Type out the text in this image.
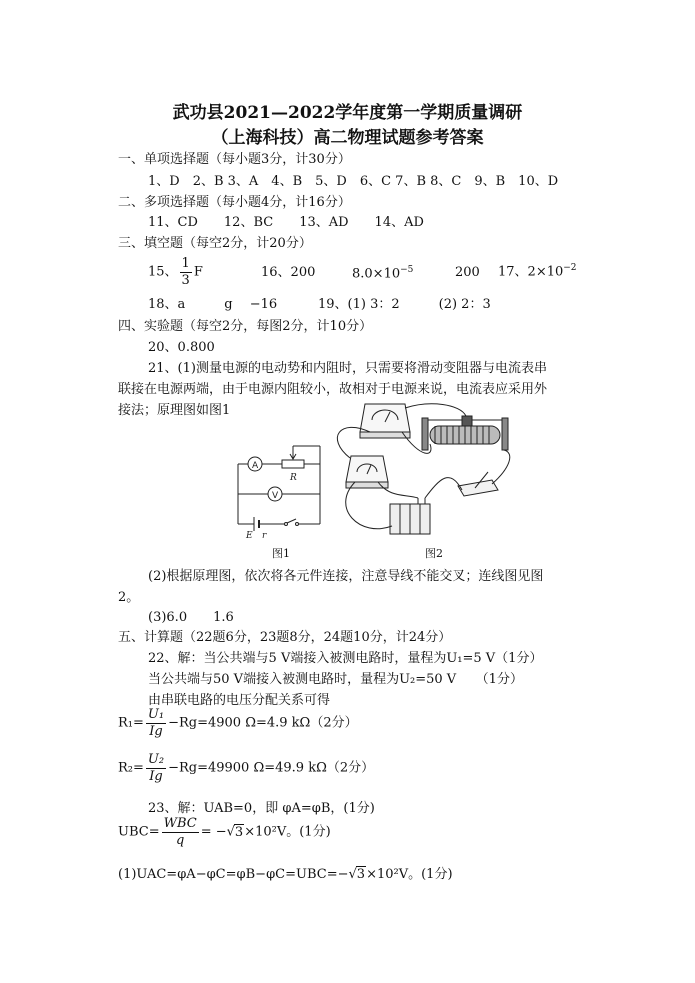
武功县2021—2022学年度第一学期质量调研
（上海科技）高二物理试题参考答案
一、单项选择题（每小题3分，计30分）
1、D　2、B 3、A　4、B　5、D　6、C 7、B 8、C　9、B　10、D
二、多项选择题（每小题4分，计16分）
11、CD　　12、BC　　13、AD　　14、AD
三、填空题（每空2分，计20分）
15、 $\frac{1}{3}$ F	16、200	$8.0\times 10^{-5}$	200 17、$2\times 10^{-2}$
18、a　　　g　 −16	19、(1) 3：2　　　(2) 2：3
四、实验题（每空2分，每图2分，计10分）
20、0.800
21、(1)测量电源的电动势和内阻时，只需要将滑动变阻器与电流表串
联接在电源两端，由于电源内阻较小，故相对于电源来说，电流表应采用外
接法；原理图如图1
A
V
R
E r
图1	图2
(2)根据原理图，依次将各元件连接，注意导线不能交叉；连线图见图
2。
(3)6.0　　1.6
五、计算题（22题6分，23题8分，24题10分，计24分）
22、解：当公共端与5 V端接入被测电路时，量程为U₁=5 V（1分）
当公共端与50 V端接入被测电路时，量程为U₂=50 V　　（1分）
由串联电路的电压分配关系可得
$R_1= \frac{\text{U₁}}{Ig} -Rg=4900$ Ω=4.9 kΩ（2分）
$R_2= \frac{\text{U₂}}{Ig} -Rg=49900$ Ω=49.9 kΩ（2分）
23、解：UAB=0，即 φA=φB，(1分)
$UBC= \frac{\text{WBC}}{q} = -√3\times 10^2V$。(1分)
(1)UAC=φA−φC=φB−φC=UBC=−√3×10²V。(1分)
